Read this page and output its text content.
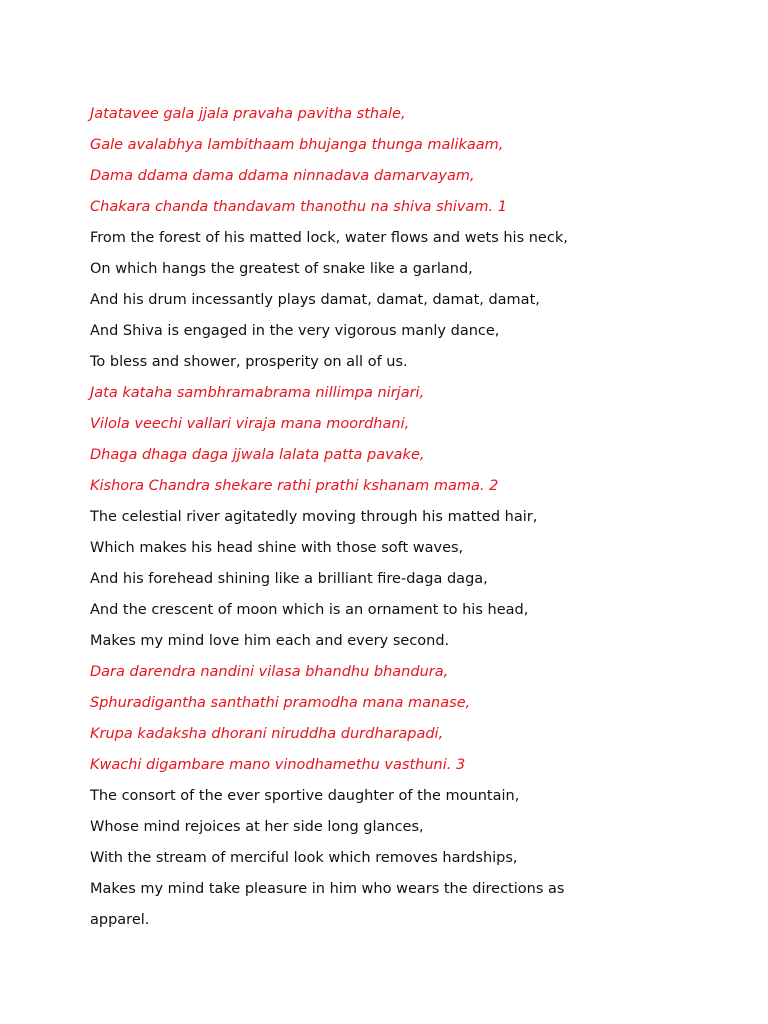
Jatatavee gala jjala pravaha pavitha sthale,
Gale avalabhya lambithaam bhujanga thunga malikaam,
Dama ddama dama ddama ninnadava damarvayam,
Chakara chanda thandavam thanothu na shiva shivam. 1
From the forest of his matted lock, water flows and wets his neck,
On which hangs the greatest of snake like a garland,
And his drum incessantly plays damat, damat, damat, damat,
And Shiva is engaged in the very vigorous manly dance,
To bless and shower, prosperity on all of us.
Jata kataha sambhramabrama nillimpa nirjari,
Vilola veechi vallari viraja mana moordhani,
Dhaga dhaga daga jjwala lalata patta pavake,
Kishora Chandra shekare rathi prathi kshanam mama. 2
The celestial river agitatedly moving through his matted hair,
Which makes his head shine with those soft waves,
And his forehead shining like a brilliant fire-daga daga,
And the crescent of moon which is an ornament to his head,
Makes my mind love him each and every second.
Dara darendra nandini vilasa bhandhu bhandura,
Sphuradigantha santhathi pramodha mana manase,
Krupa kadaksha dhorani niruddha durdharapadi,
Kwachi digambare mano vinodhamethu vasthuni. 3
The consort of the ever sportive daughter of the mountain,
Whose mind rejoices at her side long glances,
With the stream of merciful look which removes hardships,
Makes my mind take pleasure in him who wears the directions as
apparel.
